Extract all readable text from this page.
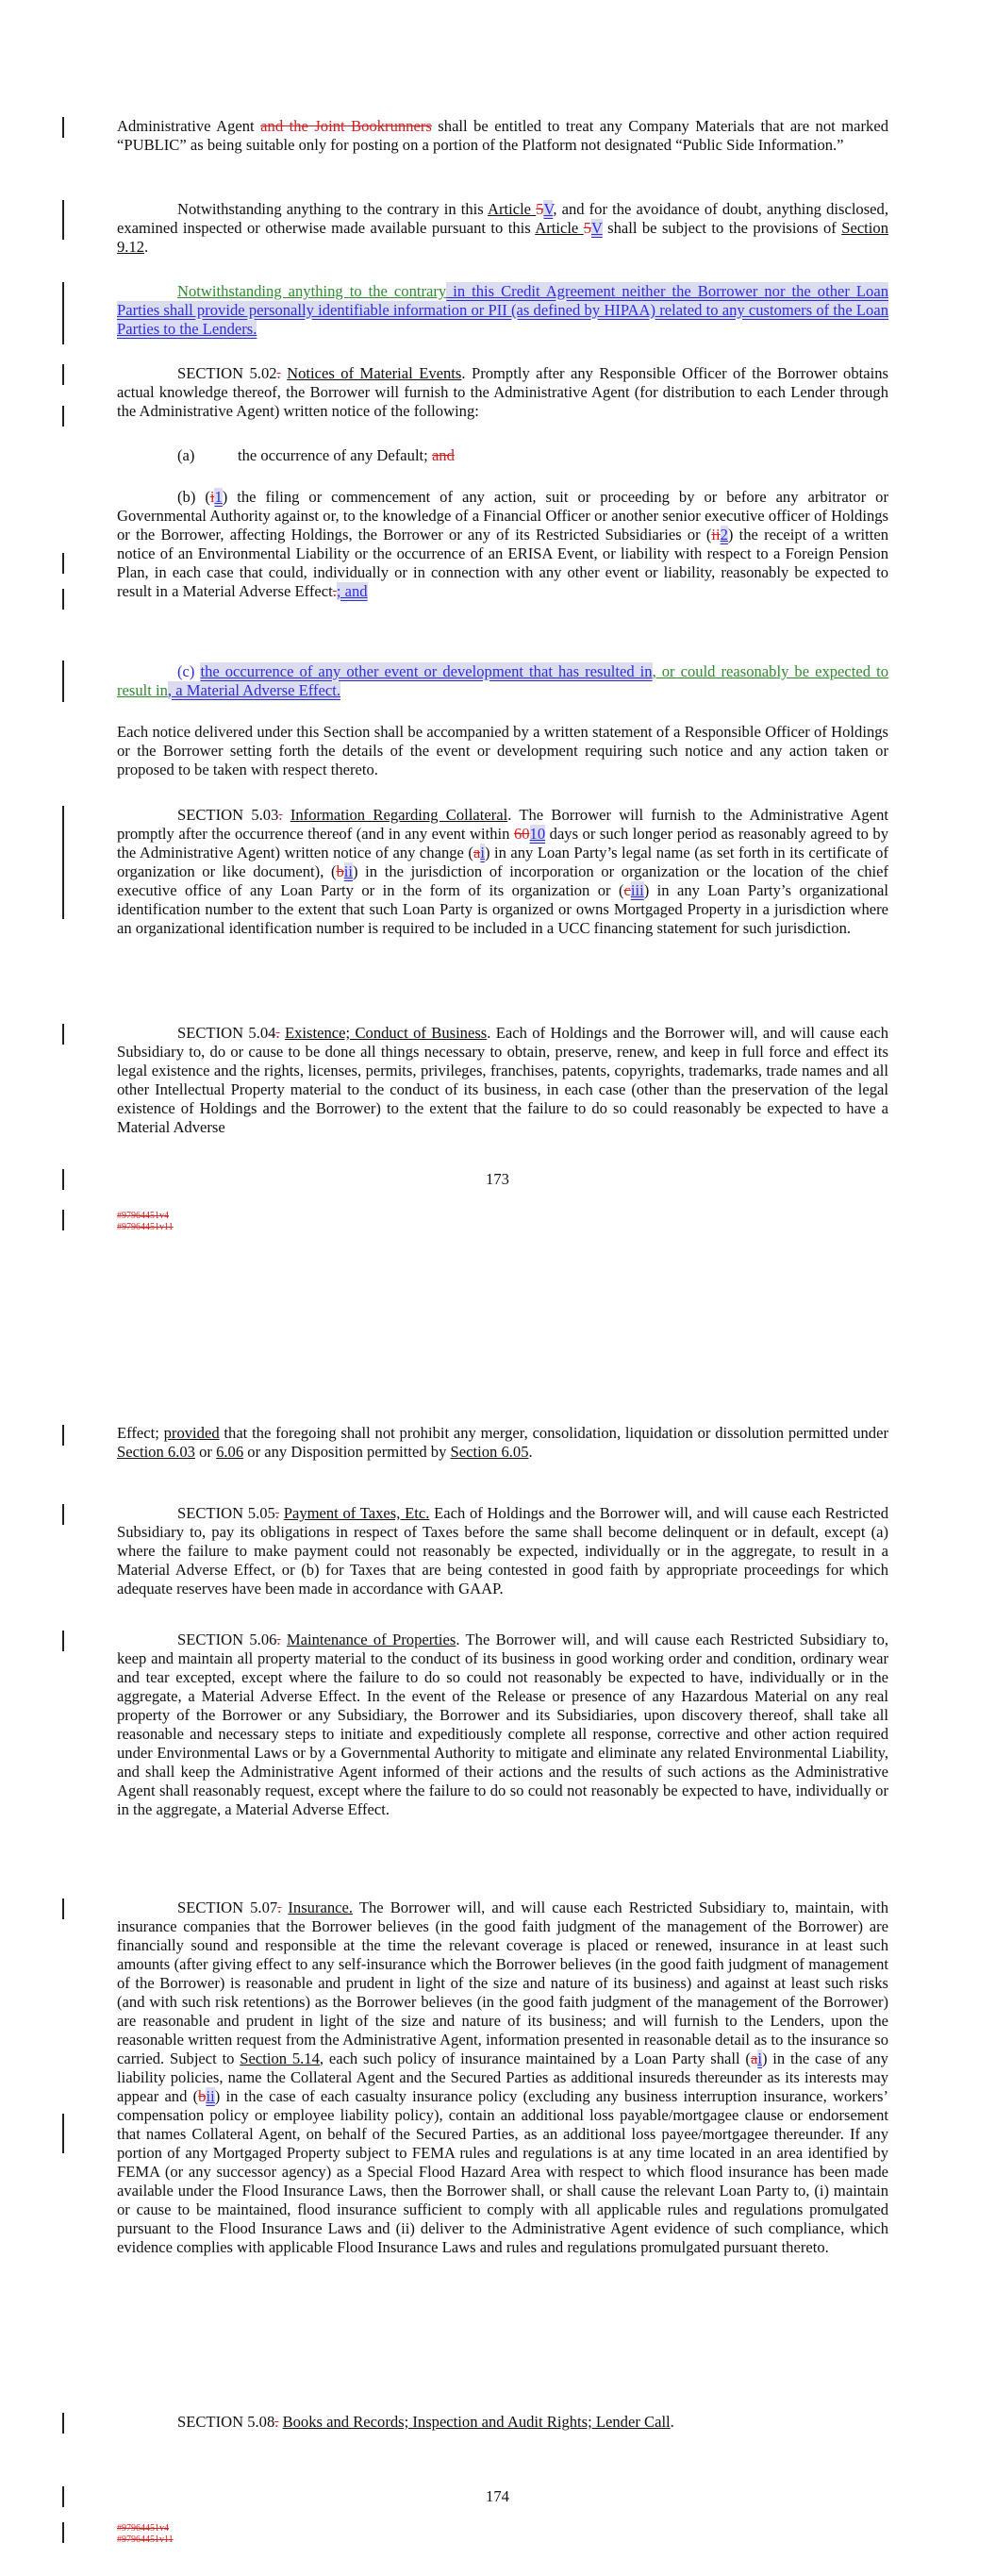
Administrative Agent and the Joint Bookrunners shall be entitled to treat any Company Materials that are not marked “PUBLIC” as being suitable only for posting on a portion of the Platform not designated “Public Side Information.”

Notwithstanding anything to the contrary in this Article 5V, and for the avoidance of doubt, anything disclosed, examined inspected or otherwise made available pursuant to this Article 5V shall be subject to the provisions of Section 9.12.

Notwithstanding anything to the contrary in this Credit Agreement neither the Borrower nor the other Loan Parties shall provide personally identifiable information or PII (as defined by HIPAA) related to any customers of the Loan Parties to the Lenders.

SECTION 5.02. Notices of Material Events. Promptly after any Responsible Officer of the Borrower obtains actual knowledge thereof, the Borrower will furnish to the Administrative Agent (for distribution to each Lender through the Administrative Agent) written notice of the following:

(a)	the occurrence of any Default; and

(b) (i1) the filing or commencement of any action, suit or proceeding by or before any arbitrator or Governmental Authority against or, to the knowledge of a Financial Officer or another senior executive officer of Holdings or the Borrower, affecting Holdings, the Borrower or any of its Restricted Subsidiaries or (ii2) the receipt of a written notice of an Environmental Liability or the occurrence of an ERISA Event, or liability with respect to a Foreign Pension Plan, in each case that could, individually or in connection with any other event or liability, reasonably be expected to result in a Material Adverse Effect.; and

(c) the occurrence of any other event or development that has resulted in, or could reasonably be expected to result in, a Material Adverse Effect.

Each notice delivered under this Section shall be accompanied by a written statement of a Responsible Officer of Holdings or the Borrower setting forth the details of the event or development requiring such notice and any action taken or proposed to be taken with respect thereto.

SECTION 5.03. Information Regarding Collateral. The Borrower will furnish to the Administrative Agent promptly after the occurrence thereof (and in any event within 6010 days or such longer period as reasonably agreed to by the Administrative Agent) written notice of any change (ai) in any Loan Party’s legal name (as set forth in its certificate of organization or like document), (bii) in the jurisdiction of incorporation or organization or the location of the chief executive office of any Loan Party or in the form of its organization or (ciii) in any Loan Party’s organizational identification number to the extent that such Loan Party is organized or owns Mortgaged Property in a jurisdiction where an organizational identification number is required to be included in a UCC financing statement for such jurisdiction.

SECTION 5.04. Existence; Conduct of Business. Each of Holdings and the Borrower will, and will cause each Subsidiary to, do or cause to be done all things necessary to obtain, preserve, renew, and keep in full force and effect its legal existence and the rights, licenses, permits, privileges, franchises, patents, copyrights, trademarks, trade names and all other Intellectual Property material to the conduct of its business, in each case (other than the preservation of the legal existence of Holdings and the Borrower) to the extent that the failure to do so could reasonably be expected to have a Material Adverse

173
#97964451v4
#97964451v11

Effect; provided that the foregoing shall not prohibit any merger, consolidation, liquidation or dissolution permitted under Section 6.03 or 6.06 or any Disposition permitted by Section 6.05.

SECTION 5.05. Payment of Taxes, Etc. Each of Holdings and the Borrower will, and will cause each Restricted Subsidiary to, pay its obligations in respect of Taxes before the same shall become delinquent or in default, except (a) where the failure to make payment could not reasonably be expected, individually or in the aggregate, to result in a Material Adverse Effect, or (b) for Taxes that are being contested in good faith by appropriate proceedings for which adequate reserves have been made in accordance with GAAP.

SECTION 5.06. Maintenance of Properties. The Borrower will, and will cause each Restricted Subsidiary to, keep and maintain all property material to the conduct of its business in good working order and condition, ordinary wear and tear excepted, except where the failure to do so could not reasonably be expected to have, individually or in the aggregate, a Material Adverse Effect. In the event of the Release or presence of any Hazardous Material on any real property of the Borrower or any Subsidiary, the Borrower and its Subsidiaries, upon discovery thereof, shall take all reasonable and necessary steps to initiate and expeditiously complete all response, corrective and other action required under Environmental Laws or by a Governmental Authority to mitigate and eliminate any related Environmental Liability, and shall keep the Administrative Agent informed of their actions and the results of such actions as the Administrative Agent shall reasonably request, except where the failure to do so could not reasonably be expected to have, individually or in the aggregate, a Material Adverse Effect.

SECTION 5.07. Insurance. The Borrower will, and will cause each Restricted Subsidiary to, maintain, with insurance companies that the Borrower believes (in the good faith judgment of the management of the Borrower) are financially sound and responsible at the time the relevant coverage is placed or renewed, insurance in at least such amounts (after giving effect to any self-insurance which the Borrower believes (in the good faith judgment of management of the Borrower) is reasonable and prudent in light of the size and nature of its business) and against at least such risks (and with such risk retentions) as the Borrower believes (in the good faith judgment of the management of the Borrower) are reasonable and prudent in light of the size and nature of its business; and will furnish to the Lenders, upon the reasonable written request from the Administrative Agent, information presented in reasonable detail as to the insurance so carried. Subject to Section 5.14, each such policy of insurance maintained by a Loan Party shall (ai) in the case of any liability policies, name the Collateral Agent and the Secured Parties as additional insureds thereunder as its interests may appear and (bii) in the case of each casualty insurance policy (excluding any business interruption insurance, workers’ compensation policy or employee liability policy), contain an additional loss payable/mortgagee clause or endorsement that names Collateral Agent, on behalf of the Secured Parties, as an additional loss payee/mortgagee thereunder. If any portion of any Mortgaged Property subject to FEMA rules and regulations is at any time located in an area identified by FEMA (or any successor agency) as a Special Flood Hazard Area with respect to which flood insurance has been made available under the Flood Insurance Laws, then the Borrower shall, or shall cause the relevant Loan Party to, (i) maintain or cause to be maintained, flood insurance sufficient to comply with all applicable rules and regulations promulgated pursuant to the Flood Insurance Laws and (ii) deliver to the Administrative Agent evidence of such compliance, which evidence complies with applicable Flood Insurance Laws and rules and regulations promulgated pursuant thereto.

SECTION 5.08. Books and Records; Inspection and Audit Rights; Lender Call.

174
#97964451v4
#97964451v11
